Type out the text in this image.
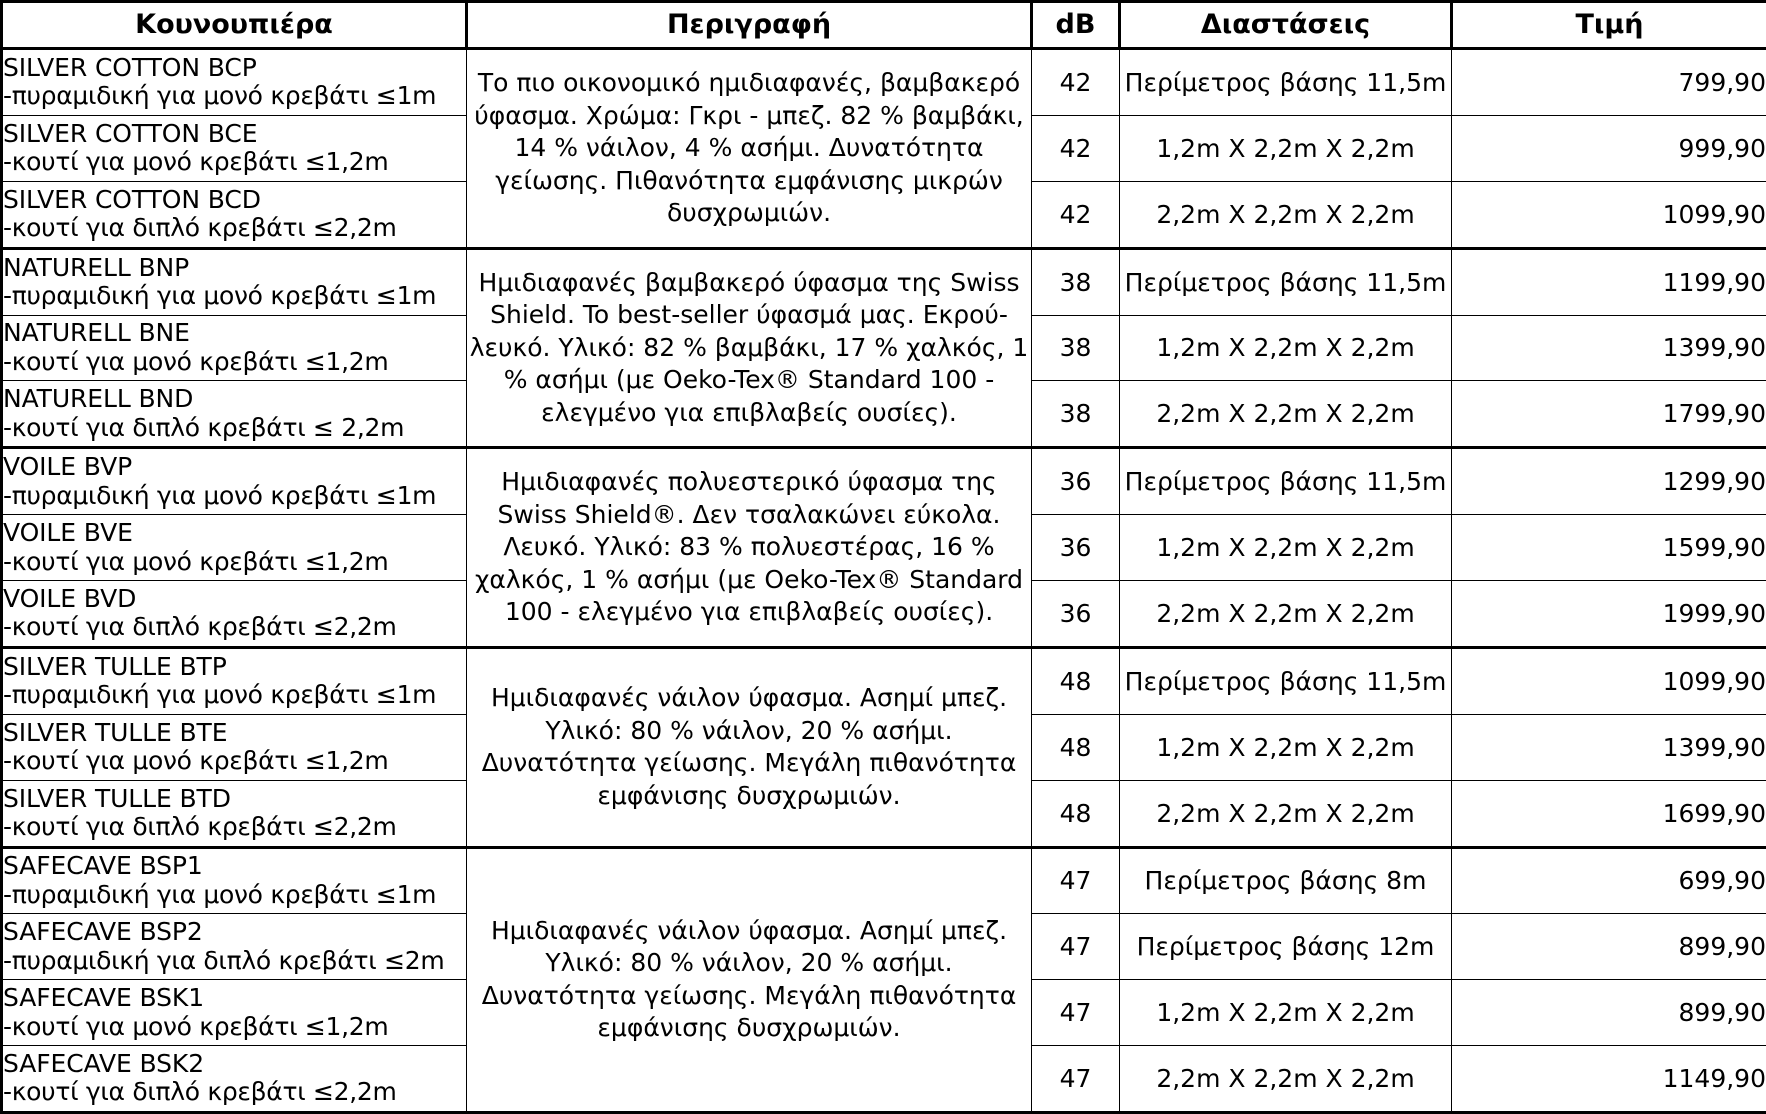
Κουνουπιέρα	Περιγραφή	dB	Διαστάσεις	Τιμή

SILVER COTTON BCP
-πυραμιδική για μονό κρεβάτι ≤1m	Το πιο οικονομικό ημιδιαφανές, βαμβακερό ύφασμα. Χρώμα: Γκρι - μπεζ. 82 % βαμβάκι, 14 % νάιλον, 4 % ασήμι. Δυνατότητα γείωσης. Πιθανότητα εμφάνισης μικρών δυσχρωμιών.	42	Περίμετρος βάσης 11,5m	799,90

SILVER COTTON BCE
-κουτί για μονό κρεβάτι ≤1,2m		42	1,2m X 2,2m X 2,2m	999,90

SILVER COTTON BCD
-κουτί για διπλό κρεβάτι ≤2,2m		42	2,2m X 2,2m X 2,2m	1099,90

NATURELL BNP
-πυραμιδική για μονό κρεβάτι ≤1m	Ημιδιαφανές βαμβακερό ύφασμα της Swiss Shield. To best-seller ύφασμά μας. Εκρού-λευκό. Υλικό: 82 % βαμβάκι, 17 % χαλκός, 1 % ασήμι (με Oeko-Tex® Standard 100 - ελεγμένο για επιβλαβείς ουσίες).	38	Περίμετρος βάσης 11,5m	1199,90

NATURELL BNE
-κουτί για μονό κρεβάτι ≤1,2m		38	1,2m X 2,2m X 2,2m	1399,90

NATURELL BND
-κουτί για διπλό κρεβάτι ≤ 2,2m		38	2,2m X 2,2m X 2,2m	1799,90

VOILE BVP
-πυραμιδική για μονό κρεβάτι ≤1m	Ημιδιαφανές πολυεστερικό ύφασμα της Swiss Shield®. Δεν τσαλακώνει εύκολα. Λευκό. Υλικό: 83 % πολυεστέρας, 16 % χαλκός, 1 % ασήμι (με Oeko-Tex® Standard 100 - ελεγμένο για επιβλαβείς ουσίες).	36	Περίμετρος βάσης 11,5m	1299,90

VOILE BVE
-κουτί για μονό κρεβάτι ≤1,2m		36	1,2m X 2,2m X 2,2m	1599,90

VOILE BVD
-κουτί για διπλό κρεβάτι ≤2,2m		36	2,2m X 2,2m X 2,2m	1999,90

SILVER TULLE BTP
-πυραμιδική για μονό κρεβάτι ≤1m	Ημιδιαφανές νάιλον ύφασμα. Ασημί μπεζ. Υλικό: 80 % νάιλον, 20 % ασήμι. Δυνατότητα γείωσης. Μεγάλη πιθανότητα εμφάνισης δυσχρωμιών.	48	Περίμετρος βάσης 11,5m	1099,90

SILVER TULLE BTE
-κουτί για μονό κρεβάτι ≤1,2m		48	1,2m X 2,2m X 2,2m	1399,90

SILVER TULLE BTD
-κουτί για διπλό κρεβάτι ≤2,2m		48	2,2m X 2,2m X 2,2m	1699,90

SAFECAVE BSP1
-πυραμιδική για μονό κρεβάτι ≤1m	Ημιδιαφανές νάιλον ύφασμα. Ασημί μπεζ. Υλικό: 80 % νάιλον, 20 % ασήμι. Δυνατότητα γείωσης. Μεγάλη πιθανότητα εμφάνισης δυσχρωμιών.	47	Περίμετρος βάσης 8m	699,90

SAFECAVE BSP2
-πυραμιδική για διπλό κρεβάτι ≤2m		47	Περίμετρος βάσης 12m	899,90

SAFECAVE BSK1
-κουτί για μονό κρεβάτι ≤1,2m		47	1,2m X 2,2m X 2,2m	899,90

SAFECAVE BSK2
-κουτί για διπλό κρεβάτι ≤2,2m		47	2,2m X 2,2m X 2,2m	1149,90
